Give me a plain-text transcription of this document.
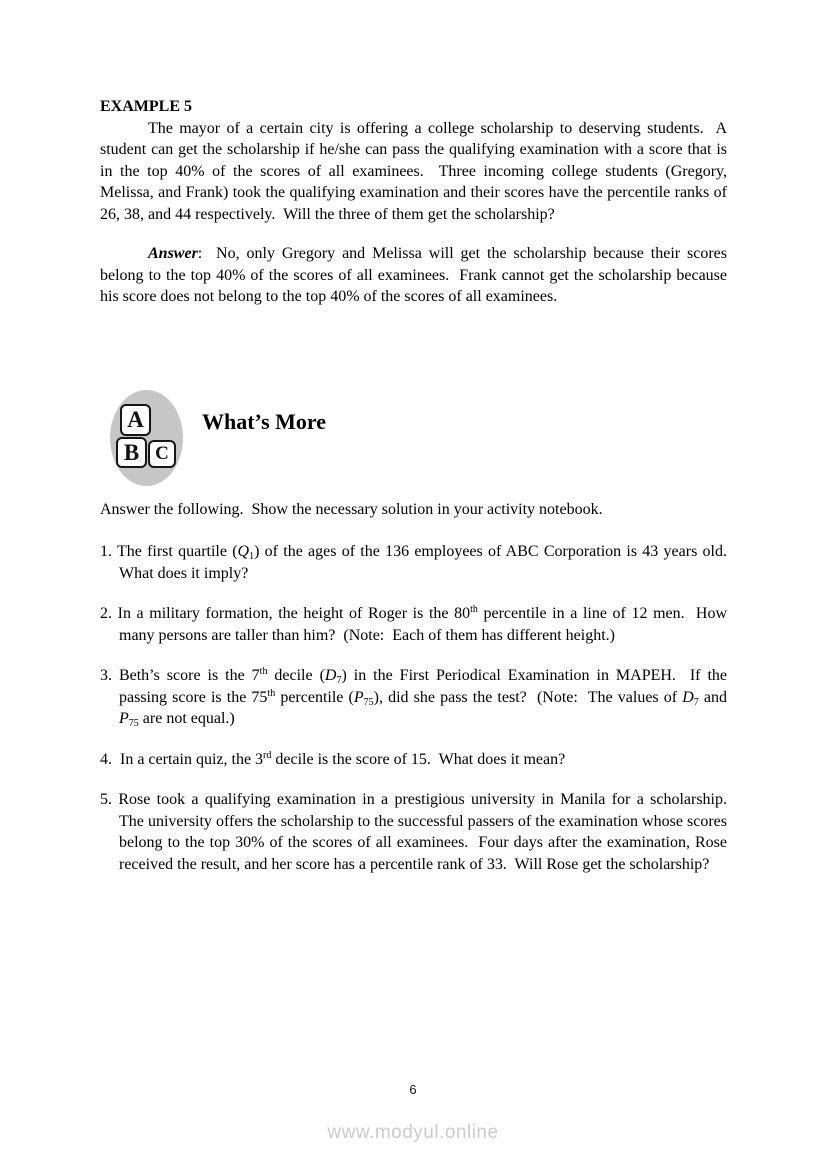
EXAMPLE 5

The mayor of a certain city is offering a college scholarship to deserving students.  A student can get the scholarship if he/she can pass the qualifying examination with a score that is in the top 40% of the scores of all examinees.  Three incoming college students (Gregory, Melissa, and Frank) took the qualifying examination and their scores have the percentile ranks of 26, 38, and 44 respectively.  Will the three of them get the scholarship?

Answer:  No, only Gregory and Melissa will get the scholarship because their scores belong to the top 40% of the scores of all examinees.  Frank cannot get the scholarship because his score does not belong to the top 40% of the scores of all examinees.

A
B C
What’s More

Answer the following.  Show the necessary solution in your activity notebook.

1. The first quartile $(Q_1)$ of the ages of the 136 employees of ABC Corporation is 43 years old.  What does it imply?
2. In a military formation, the height of Roger is the 80th percentile in a line of 12 men.  How many persons are taller than him?  (Note:  Each of them has different height.)
3. Beth’s score is the 7th decile $(D_7)$ in the First Periodical Examination in MAPEH.  If the passing score is the 75th percentile $(P_{75})$, did she pass the test?  (Note:  The values of $D_7$ and $P_{75}$ are not equal.)
4.  In a certain quiz, the 3rd decile is the score of 15.  What does it mean?
5. Rose took a qualifying examination in a prestigious university in Manila for a scholarship.  The university offers the scholarship to the successful passers of the examination whose scores belong to the top 30% of the scores of all examinees.  Four days after the examination, Rose received the result, and her score has a percentile rank of 33.  Will Rose get the scholarship?
6
www.modyul.online
